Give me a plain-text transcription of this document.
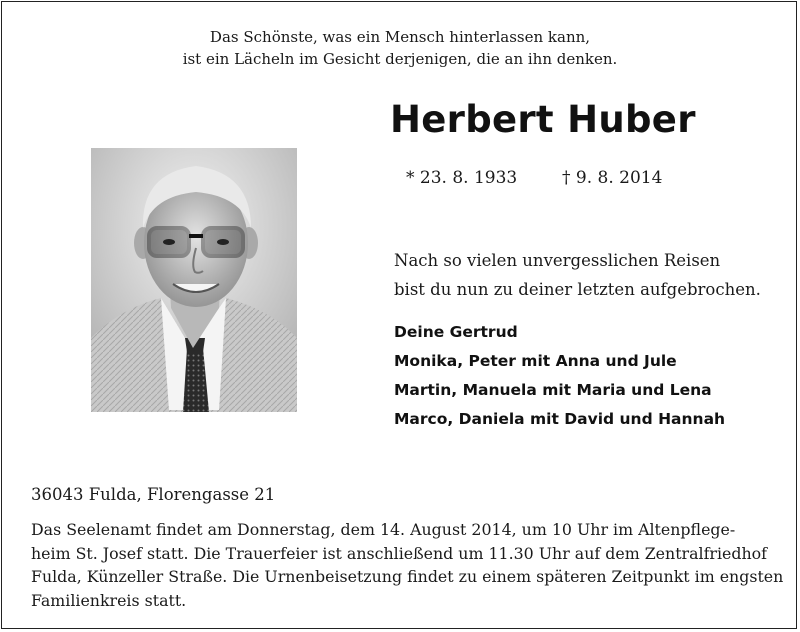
Das Schönste, was ein Mensch hinterlassen kann,
ist ein Lächeln im Gesicht derjenigen, die an ihn denken.
Herbert Huber
* 23. 8. 1933	† 9. 8. 2014
Nach so vielen unvergesslichen Reisen
bist du nun zu deiner letzten aufgebrochen.
Deine Gertrud
Monika, Peter mit Anna und Jule
Martin, Manuela mit Maria und Lena
Marco, Daniela mit David und Hannah
36043 Fulda, Florengasse 21
Das Seelenamt findet am Donnerstag, dem 14. August 2014, um 10 Uhr im Altenpflege-
heim St. Josef statt. Die Trauerfeier ist anschließend um 11.30 Uhr auf dem Zentralfriedhof
Fulda, Künzeller Straße. Die Urnenbeisetzung findet zu einem späteren Zeitpunkt im engsten
Familienkreis statt.
